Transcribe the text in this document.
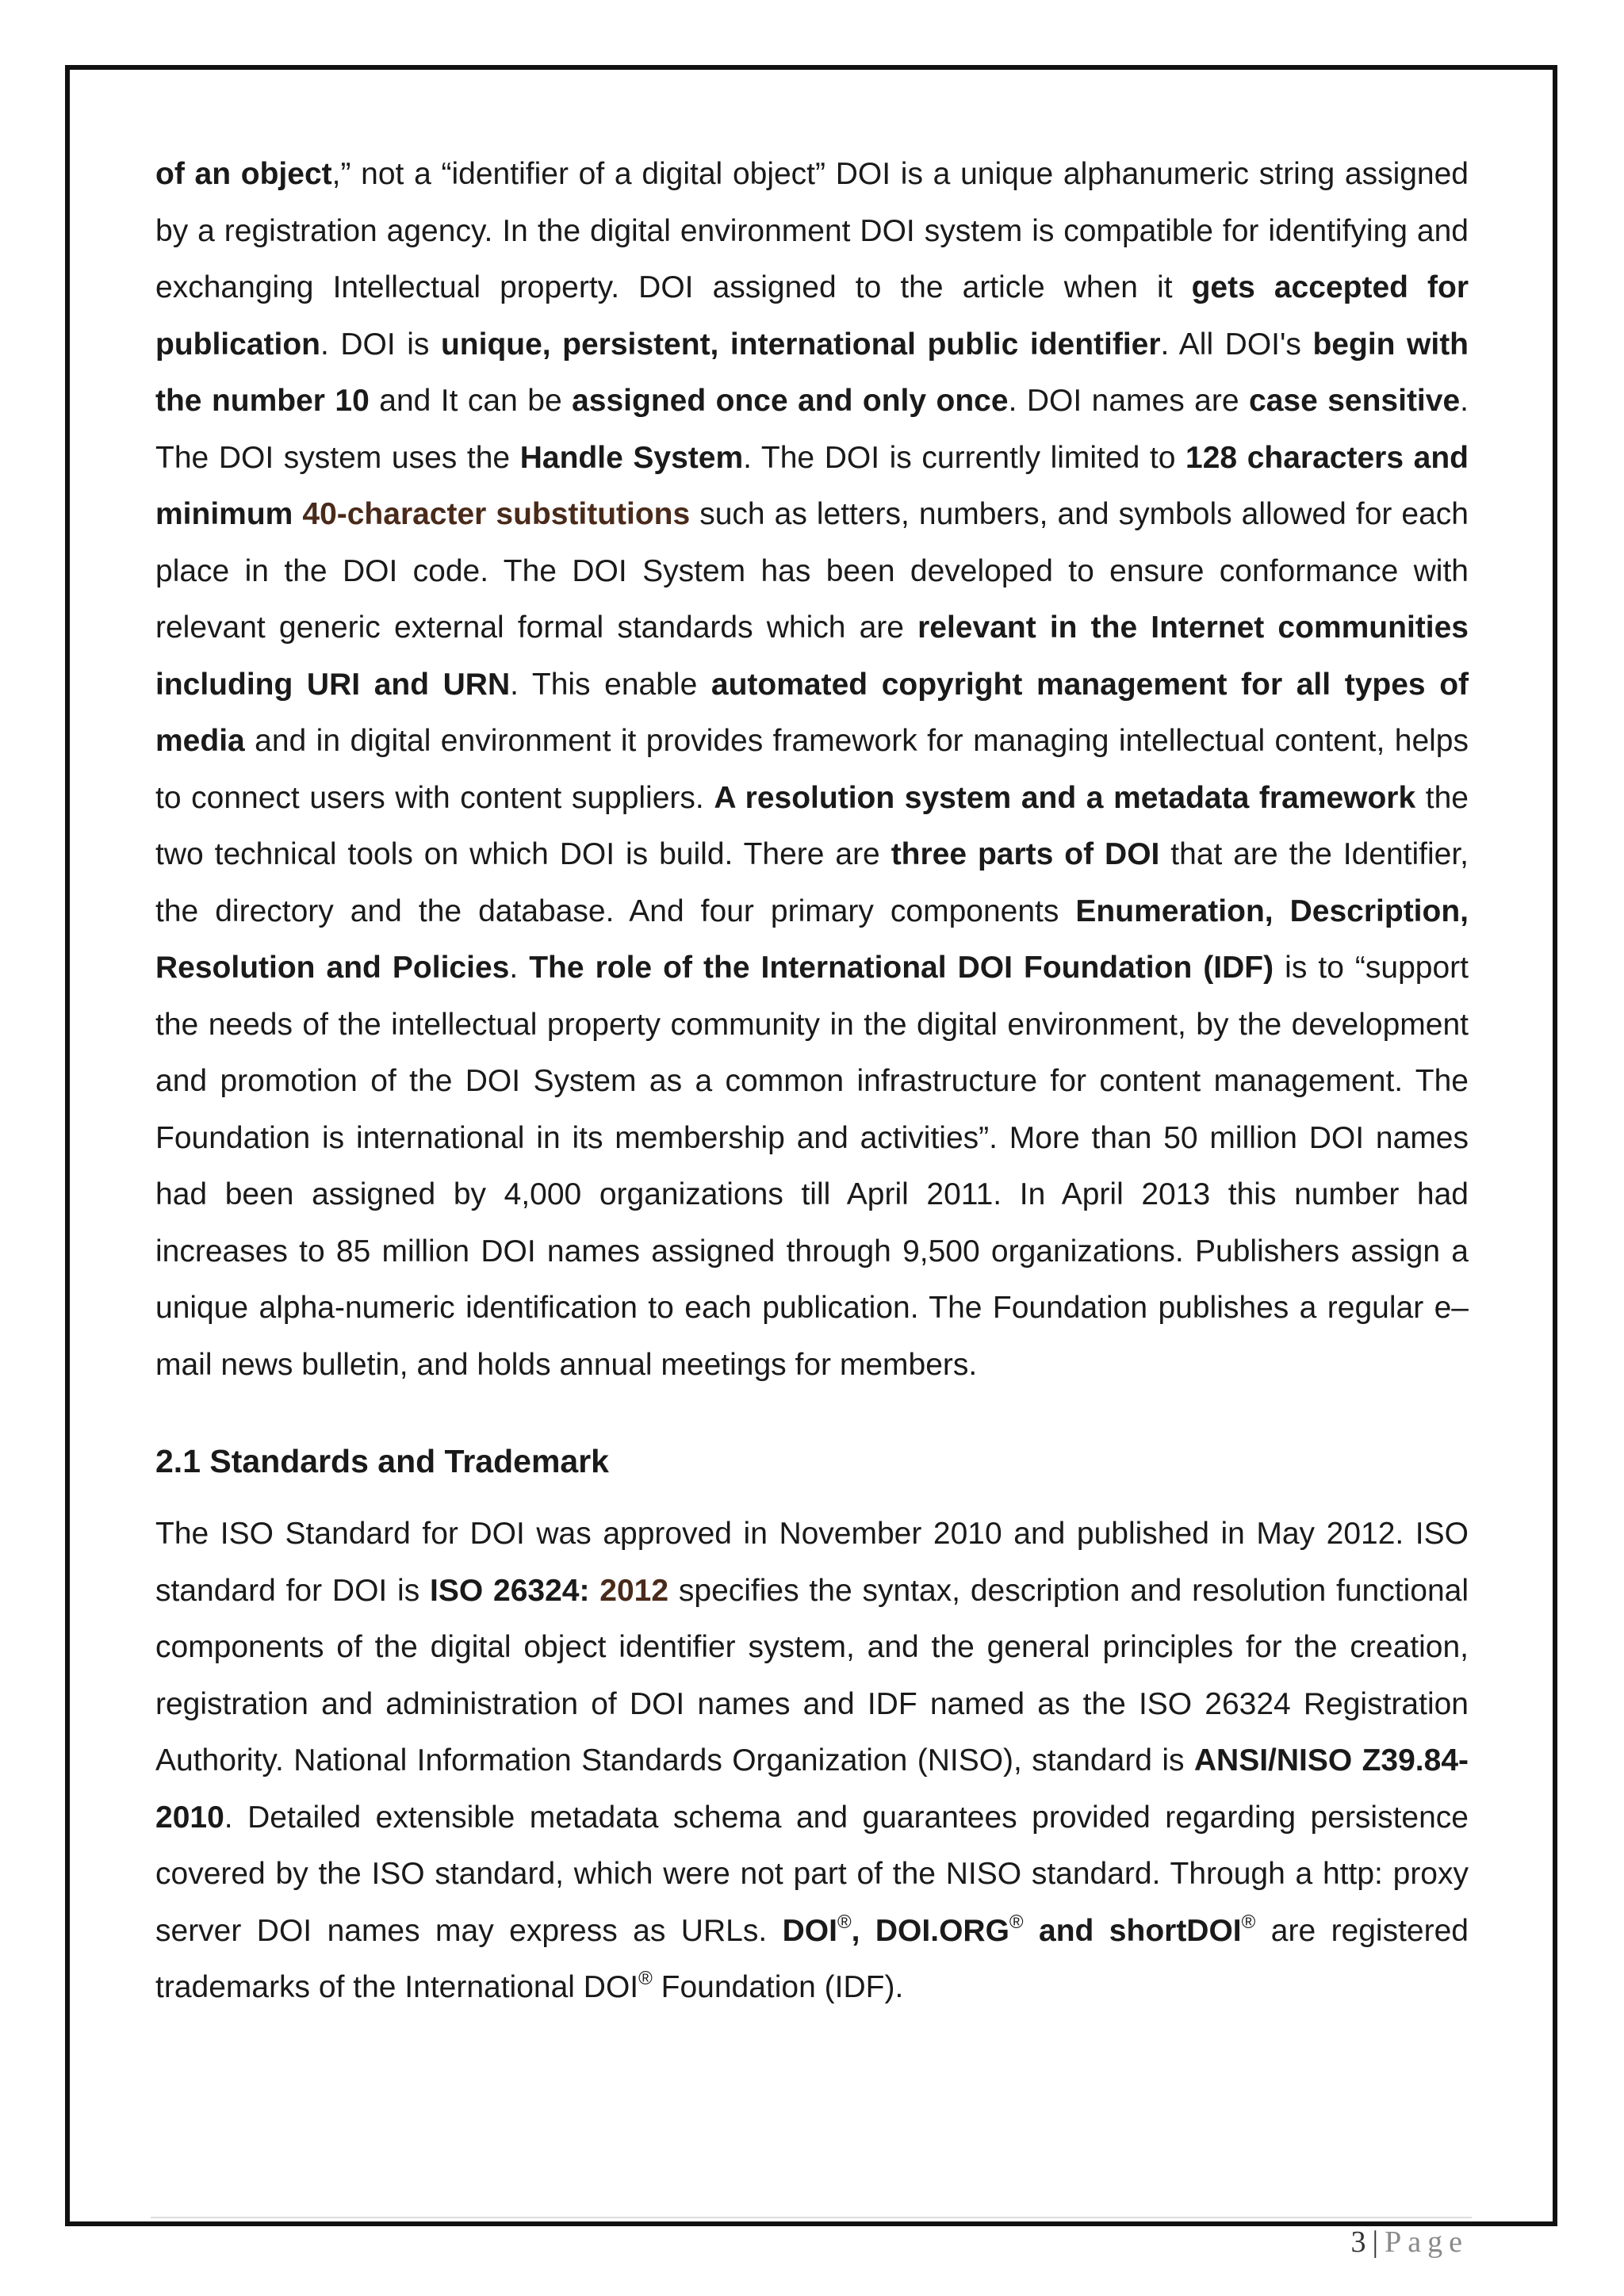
of an object,” not a “identifier of a digital object” DOI is a unique alphanumeric string assigned by a registration agency. In the digital environment DOI system is compatible for identifying and exchanging Intellectual property. DOI assigned to the article when it gets accepted for publication. DOI is unique, persistent, international public identifier. All DOI's begin with the number 10 and It can be assigned once and only once. DOI names are case sensitive. The DOI system uses the Handle System. The DOI is currently limited to 128 characters and minimum 40-character substitutions such as letters, numbers, and symbols allowed for each place in the DOI code. The DOI System has been developed to ensure conformance with relevant generic external formal standards which are relevant in the Internet communities including URI and URN. This enable automated copyright management for all types of media and in digital environment it provides framework for managing intellectual content, helps to connect users with content suppliers. A resolution system and a metadata framework the two technical tools on which DOI is build. There are three parts of DOI that are the Identifier, the directory and the database. And four primary components Enumeration, Description, Resolution and Policies. The role of the International DOI Foundation (IDF) is to “support the needs of the intellectual property community in the digital environment, by the development and promotion of the DOI System as a common infrastructure for content management. The Foundation is international in its membership and activities”. More than 50 million DOI names had been assigned by 4,000 organizations till April 2011. In April 2013 this number had increases to 85 million DOI names assigned through 9,500 organizations. Publishers assign a unique alpha-numeric identification to each publication. The Foundation publishes a regular e–mail news bulletin, and holds annual meetings for members.

2.1 Standards and Trademark

The ISO Standard for DOI was approved in November 2010 and published in May 2012. ISO standard for DOI is ISO 26324: 2012 specifies the syntax, description and resolution functional components of the digital object identifier system, and the general principles for the creation, registration and administration of DOI names and IDF named as the ISO 26324 Registration Authority. National Information Standards Organization (NISO), standard is ANSI/NISO Z39.84-2010. Detailed extensible metadata schema and guarantees provided regarding persistence covered by the ISO standard, which were not part of the NISO standard. Through a http: proxy server DOI names may express as URLs. DOI®, DOI.ORG® and shortDOI® are registered trademarks of the International DOI® Foundation (IDF).

3 | Page
